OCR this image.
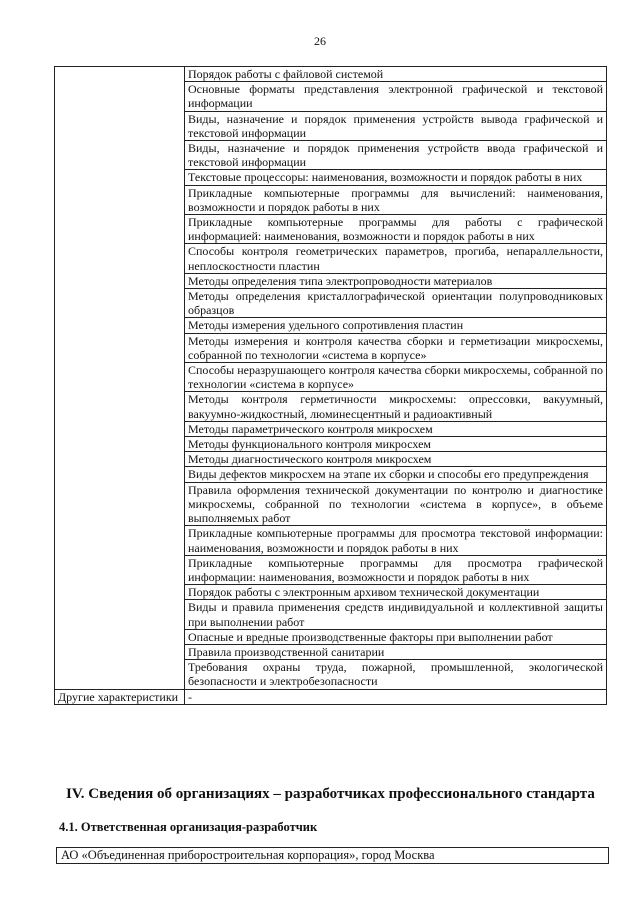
26
	Порядок работы с файловой системой
	Основные форматы представления электронной графической и текстовой информации
	Виды, назначение и порядок применения устройств вывода графической и текстовой информации
	Виды, назначение и порядок применения устройств ввода графической и текстовой информации
	Текстовые процессоры: наименования, возможности и порядок работы в них
	Прикладные компьютерные программы для вычислений: наименования, возможности и порядок работы в них
	Прикладные компьютерные программы для работы с графической информацией: наименования, возможности и порядок работы в них
	Способы контроля геометрических параметров, прогиба, непараллельности, неплоскостности пластин
	Методы определения типа электропроводности материалов
	Методы определения кристаллографической ориентации полупроводниковых образцов
	Методы измерения удельного сопротивления пластин
	Методы измерения и контроля качества сборки и герметизации микросхемы, собранной по технологии «система в корпусе»
	Способы неразрушающего контроля качества сборки микросхемы, собранной по технологии «система в корпусе»
	Методы контроля герметичности микросхемы: опрессовки, вакуумный, вакуумно-жидкостный, люминесцентный и радиоактивный
	Методы параметрического контроля микросхем
	Методы функционального контроля микросхем
	Методы диагностического контроля микросхем
	Виды дефектов микросхем на этапе их сборки и способы его предупреждения
	Правила оформления технической документации по контролю и диагностике микросхемы, собранной по технологии «система в корпусе», в объеме выполняемых работ
	Прикладные компьютерные программы для просмотра текстовой информации: наименования, возможности и порядок работы в них
	Прикладные компьютерные программы для просмотра графической информации: наименования, возможности и порядок работы в них
	Порядок работы с электронным архивом технической документации
	Виды и правила применения средств индивидуальной и коллективной защиты при выполнении работ
	Опасные и вредные производственные факторы при выполнении работ
	Правила производственной санитарии
	Требования охраны труда, пожарной, промышленной, экологической безопасности и электробезопасности
Другие характеристики	-
IV. Сведения об организациях – разработчиках профессионального стандарта
4.1. Ответственная организация-разработчик
АО «Объединенная приборостроительная корпорация», город Москва
